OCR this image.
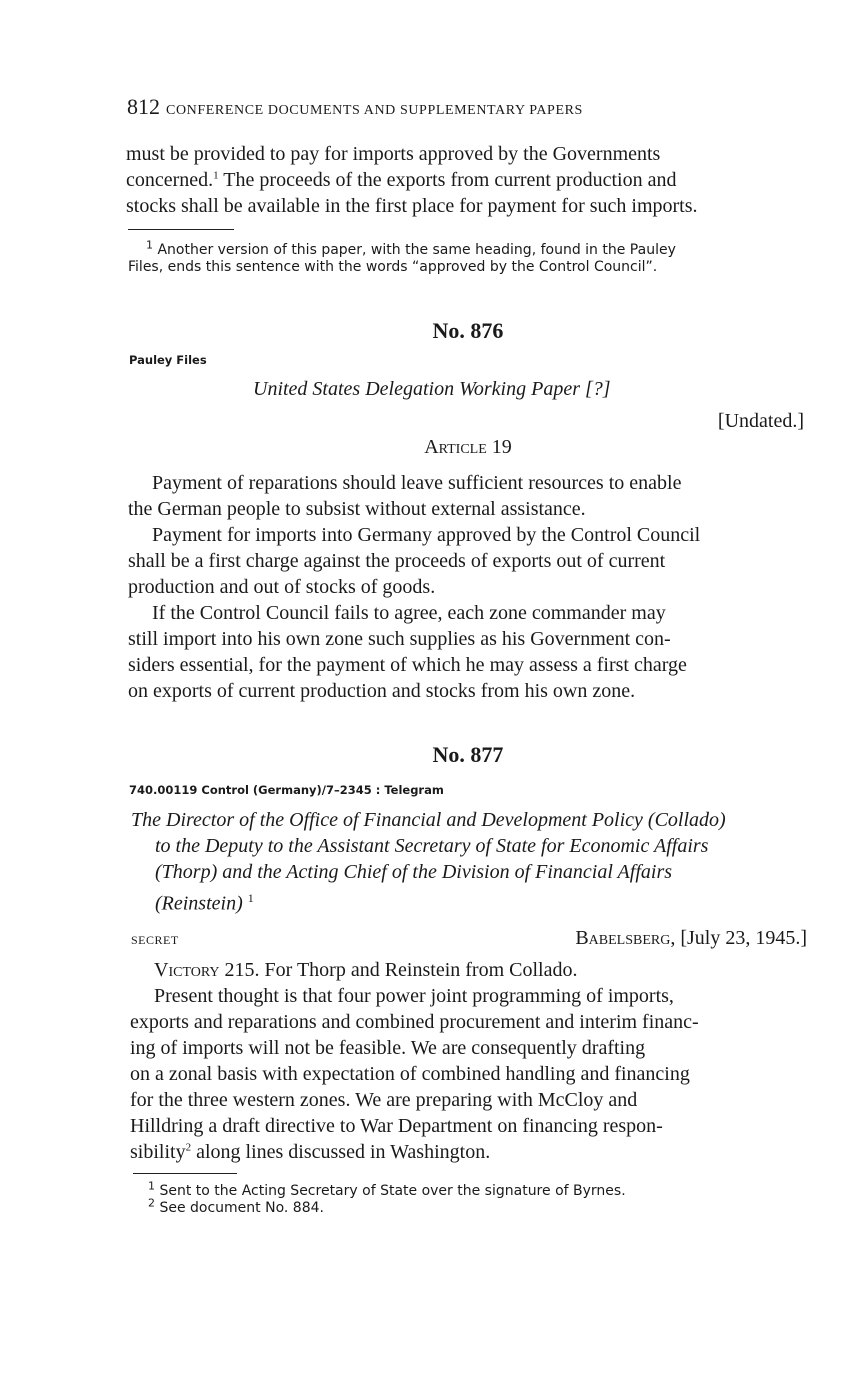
812 CONFERENCE DOCUMENTS AND SUPPLEMENTARY PAPERS
must be provided to pay for imports approved by the Governments
concerned.$^1$ The proceeds of the exports from current production and
stocks shall be available in the first place for payment for such imports.
$^1$ Another version of this paper, with the same heading, found in the Pauley
Files, ends this sentence with the words “approved by the Control Council”.
No. 876
Pauley Files
United States Delegation Working Paper [?]
[Undated.]
Article 19

Payment of reparations should leave sufficient resources to enable
the German people to subsist without external assistance.

Payment for imports into Germany approved by the Control Council
shall be a first charge against the proceeds of exports out of current
production and out of stocks of goods.

If the Control Council fails to agree, each zone commander may
still import into his own zone such supplies as his Government con-
siders essential, for the payment of which he may assess a first charge
on exports of current production and stocks from his own zone.

No. 877
740.00119 Control (Germany)/7–2345 : Telegram
The Director of the Office of Financial and Development Policy (Collado)
to the Deputy to the Assistant Secretary of State for Economic Affairs
(Thorp) and the Acting Chief of the Division of Financial Affairs
(Reinstein) $^1$
secret	Babelsberg, [July 23, 1945.]

Victory 215. For Thorp and Reinstein from Collado.

Present thought is that four power joint programming of imports,
exports and reparations and combined procurement and interim financ-
ing of imports will not be feasible. We are consequently drafting
on a zonal basis with expectation of combined handling and financing
for the three western zones. We are preparing with McCloy and
Hilldring a draft directive to War Department on financing respon-
sibility$^2$ along lines discussed in Washington.

$^1$ Sent to the Acting Secretary of State over the signature of Byrnes.
$^2$ See document No. 884.
